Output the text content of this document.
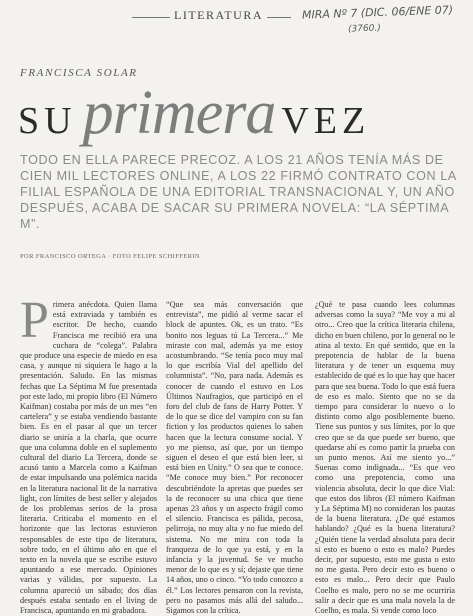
LITERATURA	MIRA Nº 7 (DIC. 06/ENE 07)
(3760.)
FRANCISCA SOLAR
SUprimera VEZ
TODO EN ELLA PARECE PRECOZ. A LOS 21 AÑOS TENÍA MÁS DE CIEN MIL LECTORES ONLINE, A LOS 22 FIRMÓ CONTRATO CON LA FILIAL ESPAÑOLA DE UNA EDITORIAL TRANSNACIONAL Y, UN AÑO DESPUÉS, ACABA DE SACAR SU PRIMERA NOVELA: “LA SÉPTIMA M”.
POR FRANCISCO ORTEGA · FOTO FELIPE SCHIFFERIN
P rimera anécdota. Quien llama está extraviada y también es escritor. De hecho, cuando Francisca me recibió era una cuchara de “colega”. Palabra que produce una especie de miedo en esa casa, y aunque ni siquiera le hago a la presentación. Saludo. En las mismas fechas que La Séptima M fue presentada por este lado, mi propio libro (El Número Kaifman) costaba por más de un mes “en cartelera” y se estaba vendiendo bastante bien. Es en el pasar al que un tercer diario se uniría a la charla, que ocurre que una columna doble en el suplemento cultural del diario La Tercera, donde se acusó tanto a Marcela como a Kaifman de estar impulsando una polémica nacida en la literatura nacional lit de la narrativa light, con límites de best seller y alejados de los problemas serios de la prosa literaria. Criticaba el momento en el horizonte que las lectoras estuvieron responsables de este tipo de literatura, sobre todo, en el último año en que el texto en la novela que se escribe estuvo apuntando a ese mercado. Opiniones varias y válidas, por supuesto. La columna apareció un sábado; dos días después estaba sentado en el living de Francisca, apuntando en mi grabadora.

“Que sea más conversación que entrevista”, me pidió al verme sacar el block de apuntes. Ok, es un trato. “Es bonito nos leguas tú La Tercera...” Me miraste con mal, además ya me estoy acostumbrando. “Se tenía poco muy mal lo que escribía Vial del apellido del columnista”. “No, para nada. Además es conocer de cuando el estuvo en Los Últimos Naufragios, que participó en el foro del club de fans de Harry Potter. Y de lo que se dice del vampiro con su fan fiction y los productos quienes lo saben hacen que la lectura consume social. Y yo me pienso, así que, por un tiempo siguen el deseo el que está bien leer, si está bien en Unity.” O sea que te conoce. “Me conoce muy bien.” Por reconocer descubriéndote la apretas que puedes ser la de reconocer su una chica que tiene apenas 23 años y un aspecto frágil como el silencio. Francisca es pálida, pecosa, pelirroja, no muy alta y no fue miedo del sistema. No me mira con toda la franqueza de lo que ya está, y en la infancia y la juventud. Se ve mucho menor de lo que es y sí; dejaste que tiene 14 años, uno o cinco. “Yo todo conozco a él.” Los lectores pensaron con la revista, pero no pasamos más allá del saludo... Sigamos con la crítica.

¿Qué te pasa cuando lees columnas adversas como la suya? “Me voy a mi al otro... Creo que la crítica literaria chilena, dicho en buen chileno, por lo general no le atina al texto. En qué sentido, que en la prepotencia de hablar de la buena literatura y de tener un esquema muy establecido de qué es lo que hay que hacer para que sea buena. Todo lo que está fuera de eso es malo. Siento que no se da tiempo para considerar lo nuevo o lo distinto como algo posiblemente bueno. Tiene sus puntos y sus límites, por lo que creo que se da que puede ser bueno, que quedarse ahí es como partir la prueba con un punto menos. Así me siento yo...” Suenas como indignada... “Es que veo como una prepotencia, como una violencia absoluta, decir lo que dice Vial: que estos dos libros (El número Kaifman y La Séptima M) no consideran los pautas de la buena literatura. ¿De qué estamos hablando? ¿Qué es la buena literatura? ¿Quién tiene la verdad absoluta para decir si esto es bueno o esto es malo? Puedes decir, por supuesto, esto me gusta o esto no me gusta. Pero decir esto es bueno o esto es malo... Pero decir que Paulo Coelho es malo, pero no se me ocurriría salir a decir que es una mala novela la de Coelho, es mala. Si vende como loco
